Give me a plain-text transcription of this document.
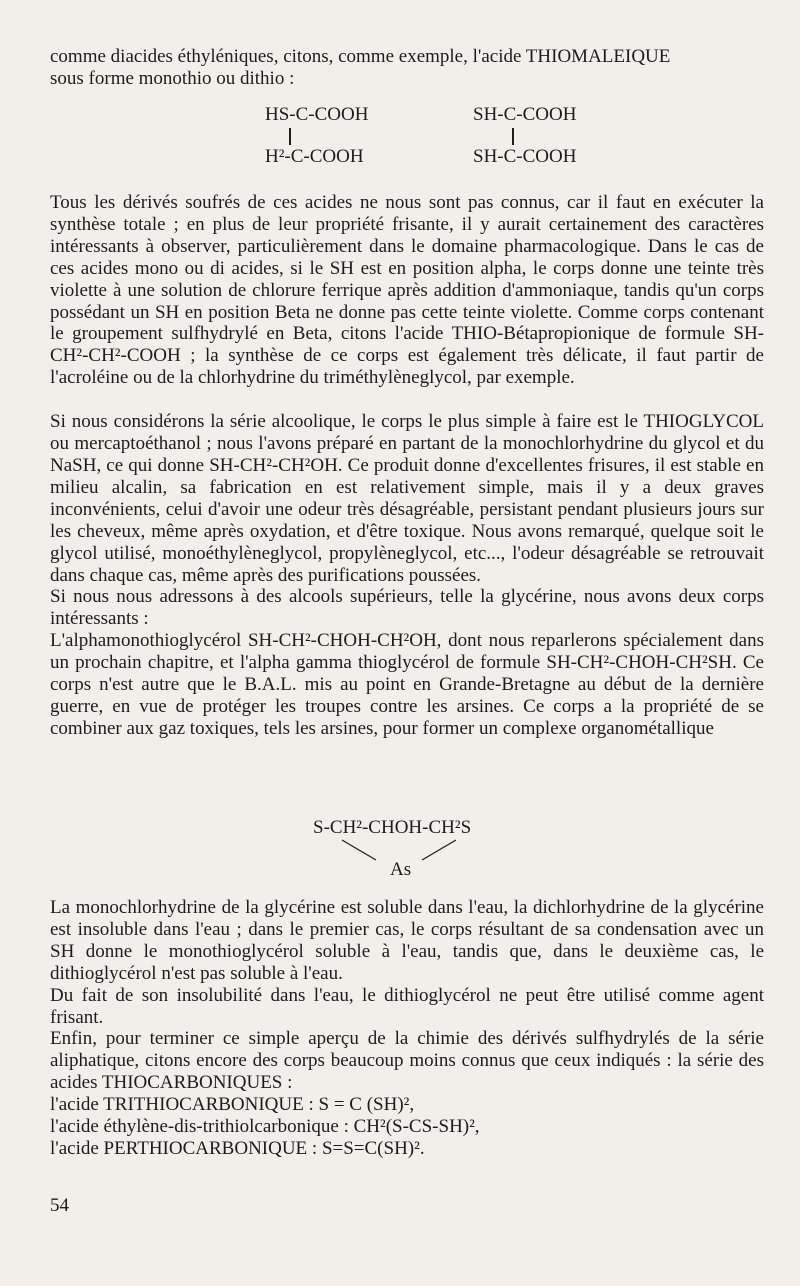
comme diacides éthyléniques, citons, comme exemple, l'acide THIOMALEIQUE

sous forme monothio ou dithio :

HS-C-COOH
H²-C-COOH
SH-C-COOH
SH-C-COOH

Tous les dérivés soufrés de ces acides ne nous sont pas connus, car il faut en exécuter la synthèse totale ; en plus de leur propriété frisante, il y aurait certainement des caractères intéressants à observer, particulièrement dans le domaine pharmacologique. Dans le cas de ces acides mono ou di acides, si le SH est en position alpha, le corps donne une teinte très violette à une solution de chlorure ferrique après addition d'ammoniaque, tandis qu'un corps possédant un SH en position Beta ne donne pas cette teinte violette. Comme corps contenant le groupement sulfhydrylé en Beta, citons l'acide THIO-Bétapropionique de formule SH-CH²-CH²-COOH ; la synthèse de ce corps est également très délicate, il faut partir de l'acroléine ou de la chlorhydrine du triméthylèneglycol, par exemple.

Si nous considérons la série alcoolique, le corps le plus simple à faire est le THIOGLYCOL ou mercaptoéthanol ; nous l'avons préparé en partant de la monochlorhydrine du glycol et du NaSH, ce qui donne SH-CH²-CH²OH. Ce produit donne d'excellentes frisures, il est stable en milieu alcalin, sa fabrication en est relativement simple, mais il y a deux graves inconvénients, celui d'avoir une odeur très désagréable, persistant pendant plusieurs jours sur les cheveux, même après oxydation, et d'être toxique. Nous avons remarqué, quelque soit le glycol utilisé, monoéthylèneglycol, propylèneglycol, etc..., l'odeur désagréable se retrouvait dans chaque cas, même après des purifications poussées.

Si nous nous adressons à des alcools supérieurs, telle la glycérine, nous avons deux corps intéressants :

L'alphamonothioglycérol SH-CH²-CHOH-CH²OH, dont nous reparlerons spécialement dans un prochain chapitre, et l'alpha gamma thioglycérol de formule SH-CH²-CHOH-CH²SH. Ce corps n'est autre que le B.A.L. mis au point en Grande-Bretagne au début de la dernière guerre, en vue de protéger les troupes contre les arsines. Ce corps a la propriété de se combiner aux gaz toxiques, tels les arsines, pour former un complexe organométallique

S-CH²-CHOH-CH²S
As

La monochlorhydrine de la glycérine est soluble dans l'eau, la dichlorhydrine de la glycérine est insoluble dans l'eau ; dans le premier cas, le corps résultant de sa condensation avec un SH donne le monothioglycérol soluble à l'eau, tandis que, dans le deuxième cas, le dithioglycérol n'est pas soluble à l'eau.

Du fait de son insolubilité dans l'eau, le dithioglycérol ne peut être utilisé comme agent frisant.

Enfin, pour terminer ce simple aperçu de la chimie des dérivés sulfhydrylés de la série aliphatique, citons encore des corps beaucoup moins connus que ceux indiqués : la série des acides THIOCARBONIQUES :

l'acide TRITHIOCARBONIQUE : S = C (SH)²,

l'acide éthylène-dis-trithiolcarbonique : CH²(S-CS-SH)²,

l'acide PERTHIOCARBONIQUE : S=S=C(SH)².

54
